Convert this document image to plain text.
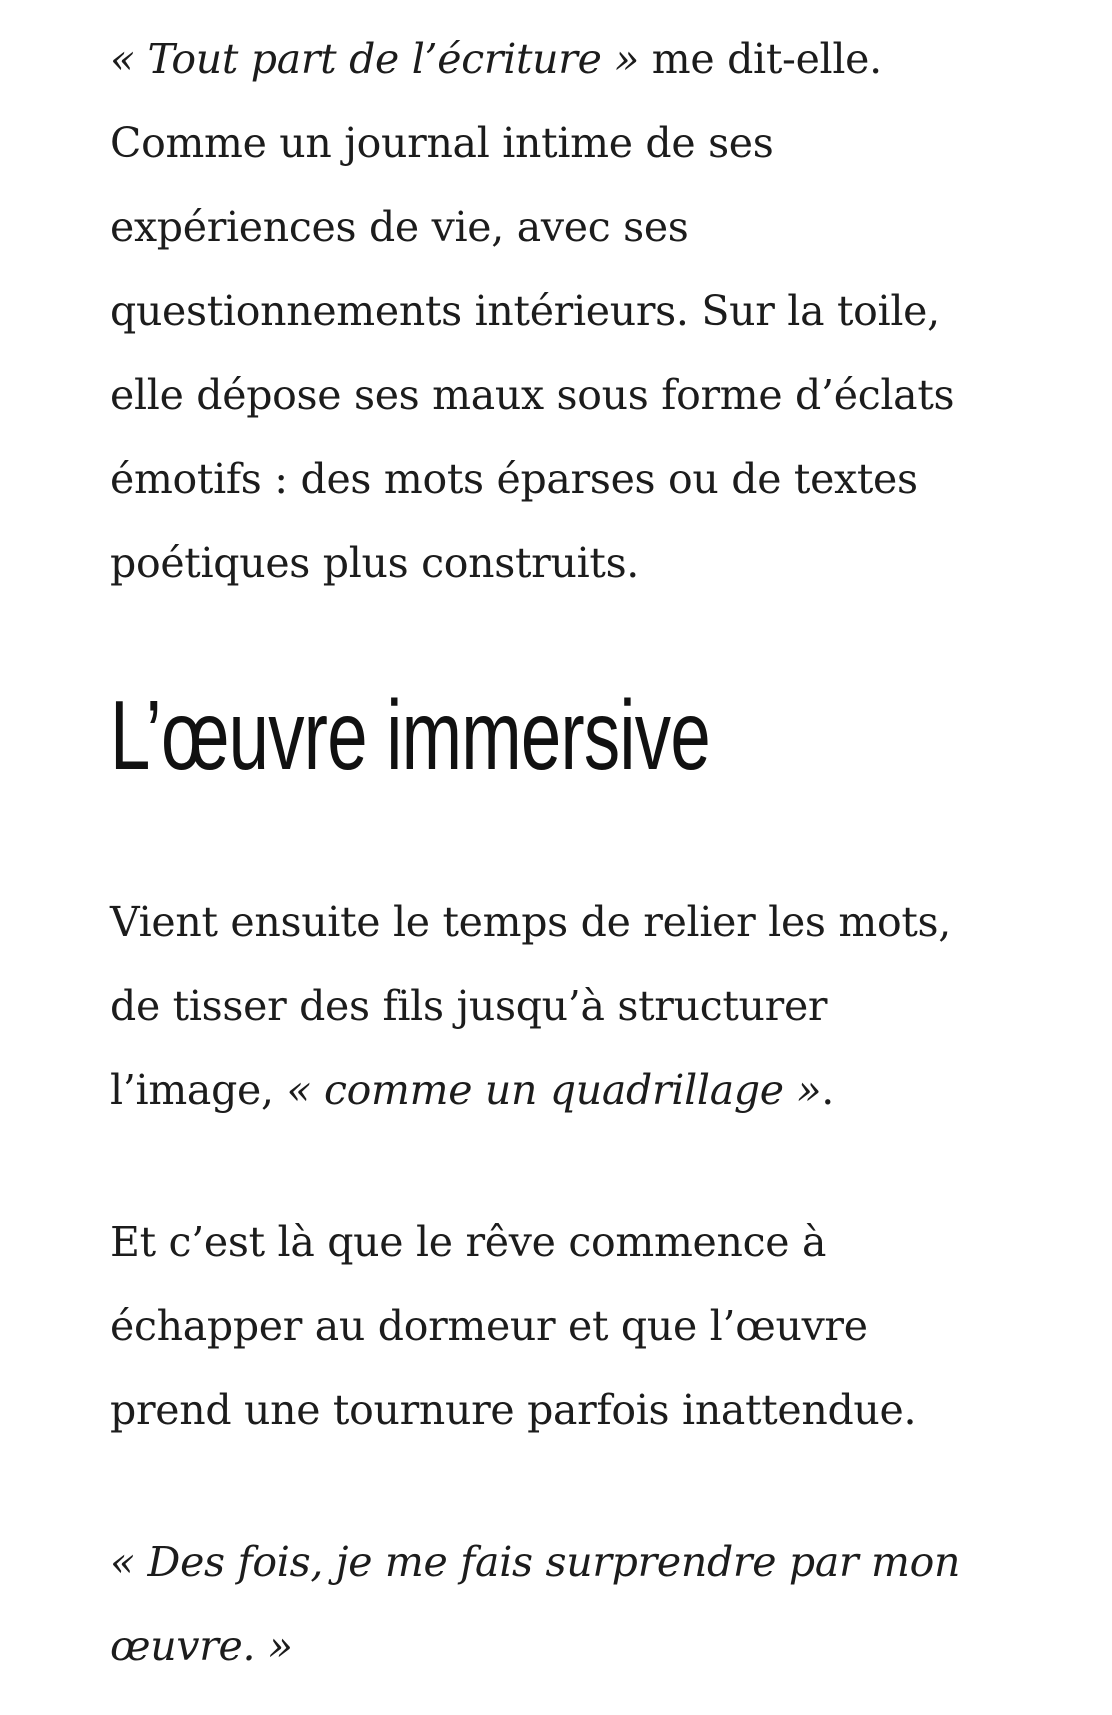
« Tout part de l’écriture » me dit-elle.
Comme un journal intime de ses
expériences de vie, avec ses
questionnements intérieurs. Sur la toile,
elle dépose ses maux sous forme d’éclats
émotifs : des mots éparses ou de textes
poétiques plus construits.

L’œuvre immersive

Vient ensuite le temps de relier les mots,
de tisser des fils jusqu’à structurer
l’image, « comme un quadrillage ».

Et c’est là que le rêve commence à
échapper au dormeur et que l’œuvre
prend une tournure parfois inattendue.

« Des fois, je me fais surprendre par mon
œuvre. »
